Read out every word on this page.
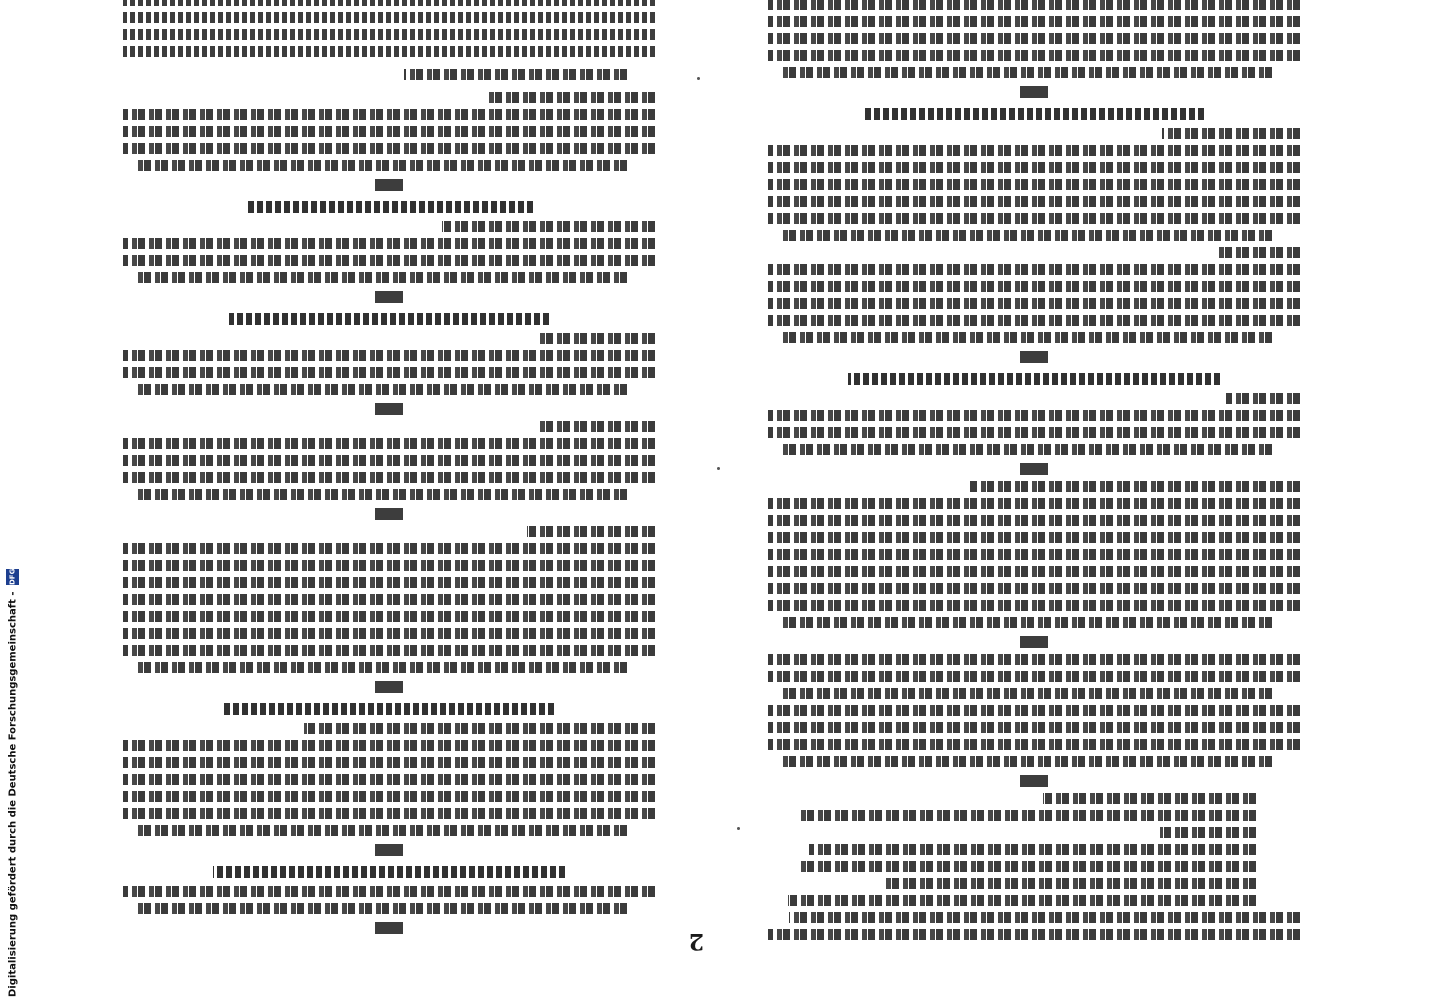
2
Digitalisierung gefördert durch die Deutsche Forschungsgemeinschaft -
DFG
